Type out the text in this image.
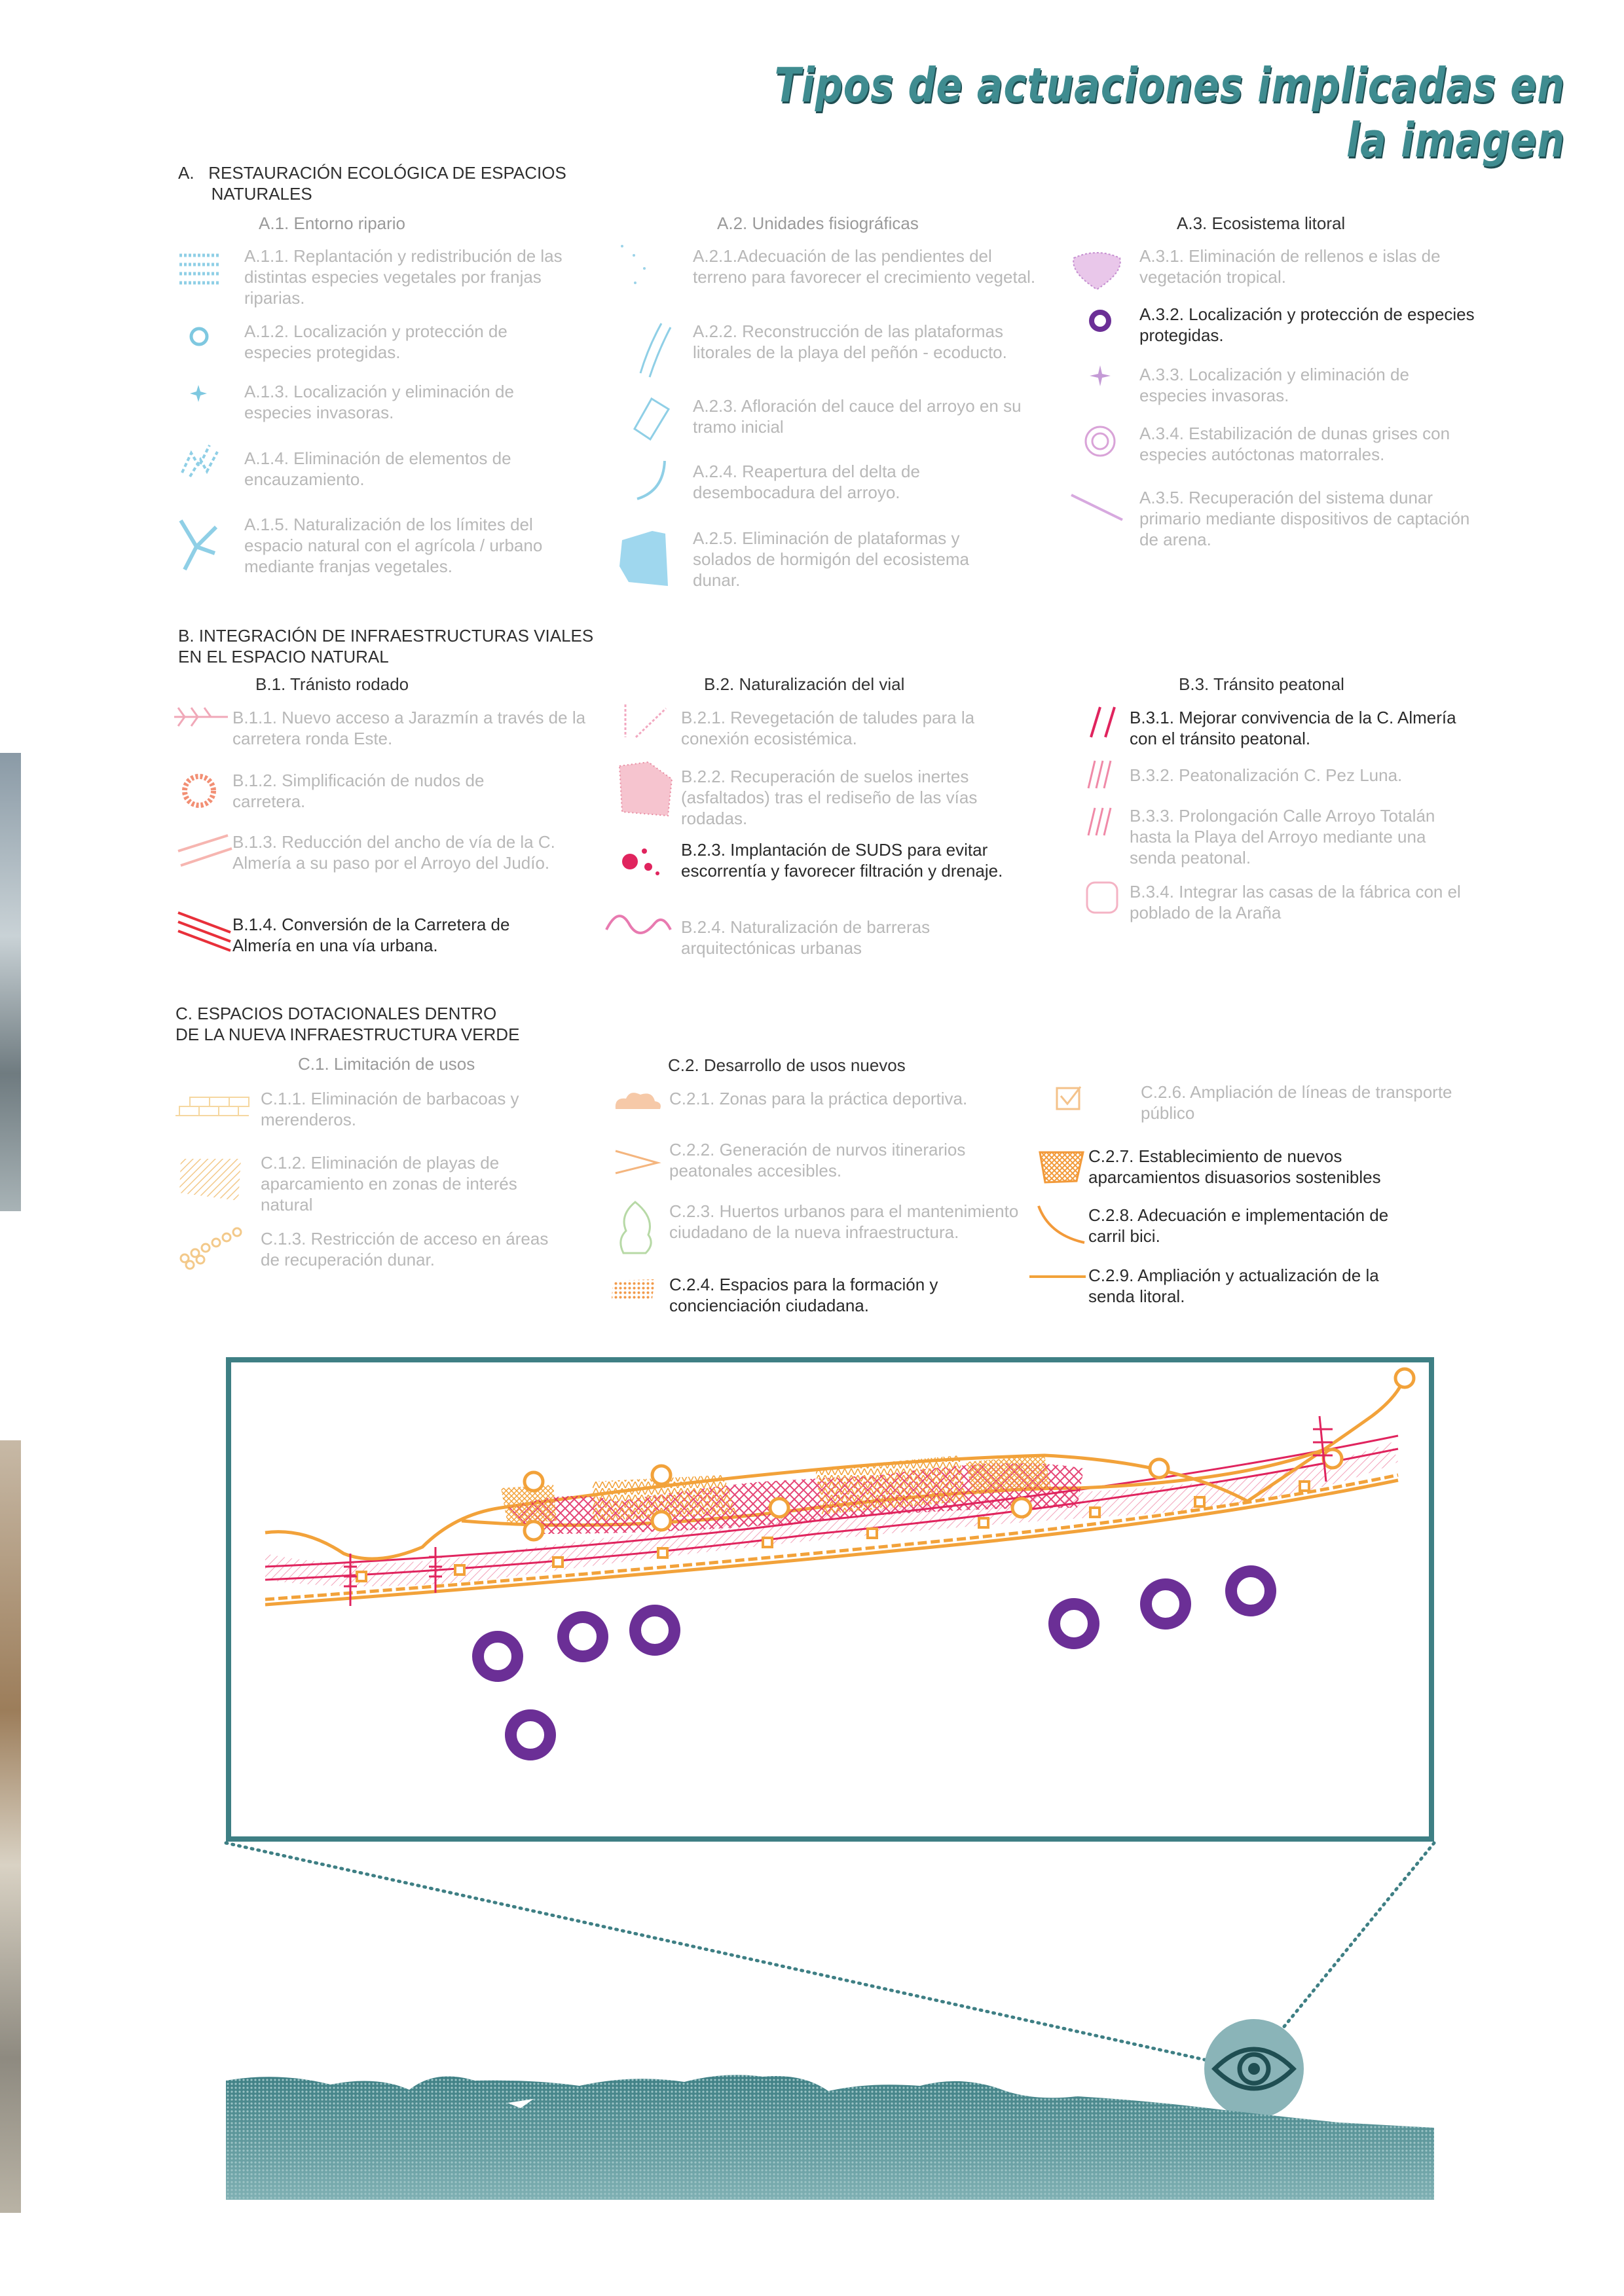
Tipos de actuaciones implicadas en la imagen
A.   RESTAURACIÓN ECOLÓGICA DE ESPACIOS
NATURALES
A.1. Entorno ripario
A.1.1. Replantación y redistribución de las distintas especies vegetales por franjas riparias.
A.1.2. Localización y protección de especies protegidas.
A.1.3. Localización y eliminación de especies invasoras.
A.1.4. Eliminación de elementos de encauzamiento.
A.1.5. Naturalización de los límites del espacio natural con el agrícola / urbano mediante franjas vegetales.
A.2. Unidades fisiográficas
A.2.1.Adecuación de las pendientes del terreno para favorecer el crecimiento vegetal.
A.2.2. Reconstrucción de las plataformas litorales de la playa del peñón - ecoducto.
A.2.3. Afloración del cauce del arroyo en su tramo inicial
A.2.4. Reapertura del delta de desembocadura del arroyo.
A.2.5. Eliminación de plataformas y solados de hormigón del ecosistema dunar.
A.3. Ecosistema litoral
A.3.1. Eliminación de rellenos e islas de vegetación tropical.
A.3.2. Localización y protección de especies protegidas.
A.3.3. Localización y eliminación de especies invasoras.
A.3.4. Estabilización de dunas grises con especies autóctonas matorrales.
A.3.5. Recuperación del sistema dunar primario mediante dispositivos de captación de arena.
B. INTEGRACIÓN DE INFRAESTRUCTURAS VIALES
EN EL ESPACIO NATURAL
B.1. Tránisto rodado
B.1.1. Nuevo acceso a Jarazmín a través de la carretera ronda Este.
B.1.2. Simplificación de nudos de carretera.
B.1.3. Reducción del ancho de vía de la C. Almería a su paso por el Arroyo del Judío.
B.1.4. Conversión de la Carretera de Almería en una vía urbana.
B.2. Naturalización del vial
B.2.1. Revegetación de taludes para la conexión ecosistémica.
B.2.2. Recuperación de suelos inertes (asfaltados) tras el rediseño de las vías rodadas.
B.2.3. Implantación de SUDS para evitar escorrentía y favorecer filtración y drenaje.
B.2.4. Naturalización de barreras arquitectónicas urbanas
B.3. Tránsito peatonal
B.3.1. Mejorar convivencia de la C. Almería con el tránsito peatonal.
B.3.2. Peatonalización C. Pez Luna.
B.3.3. Prolongación Calle Arroyo Totalán hasta la Playa del Arroyo mediante una senda peatonal.
B.3.4. Integrar las casas de la fábrica con el poblado de la Araña
C. ESPACIOS DOTACIONALES DENTRO
DE LA NUEVA INFRAESTRUCTURA VERDE
C.1. Limitación de usos
C.1.1. Eliminación de barbacoas y merenderos.
C.1.2. Eliminación de playas de aparcamiento en zonas de interés natural
C.1.3. Restricción de acceso en áreas de recuperación dunar.
C.2. Desarrollo de usos nuevos
C.2.1. Zonas para la práctica deportiva.
C.2.2. Generación de nurvos itinerarios peatonales accesibles.
C.2.3. Huertos urbanos para el mantenimiento ciudadano de la nueva infraestructura.
C.2.4. Espacios para la formación y concienciación ciudadana.
C.2.6. Ampliación de líneas de transporte público
C.2.7. Establecimiento de nuevos aparcamientos disuasorios sostenibles
C.2.8. Adecuación e implementación de carril bici.
C.2.9. Ampliación y actualización de la senda litoral.
